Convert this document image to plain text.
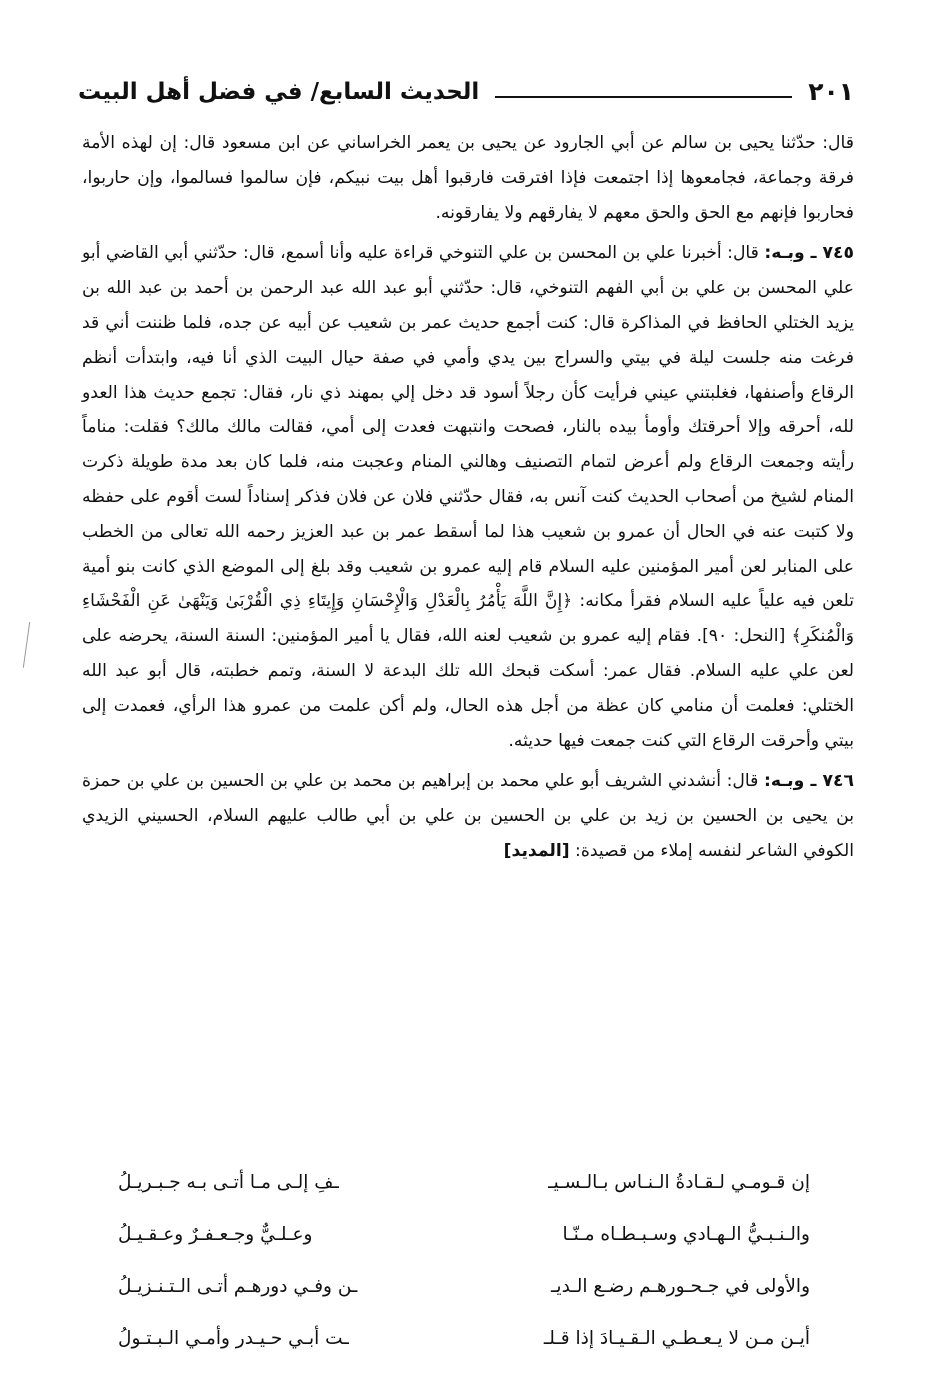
الحديث السابع/ في فضل أهل البيت	٢٠١

قال: حدّثنا يحيى بن سالم عن أبي الجارود عن يحيى بن يعمر الخراساني عن ابن مسعود قال: إن لهذه الأمة فرقة وجماعة، فجامعوها إذا اجتمعت فإذا افترقت فارقبوا أهل بيت نبيكم، فإن سالموا فسالموا، وإن حاربوا، فحاربوا فإنهم مع الحق والحق معهم لا يفارقهم ولا يفارقونه.

٧٤٥ ـ وبـه: قال: أخبرنا علي بن المحسن بن علي التنوخي قراءة عليه وأنا أسمع، قال: حدّثني أبي القاضي أبو علي المحسن بن علي بن أبي الفهم التنوخي، قال: حدّثني أبو عبد الله عبد الرحمن بن أحمد بن عبد الله بن يزيد الختلي الحافظ في المذاكرة قال: كنت أجمع حديث عمر بن شعيب عن أبيه عن جده، فلما ظننت أني قد فرغت منه جلست ليلة في بيتي والسراج بين يدي وأمي في صفة حيال البيت الذي أنا فيه، وابتدأت أنظم الرقاع وأصنفها، فغلبتني عيني فرأيت كأن رجلاً أسود قد دخل إلي بمهند ذي نار، فقال: تجمع حديث هذا العدو لله، أحرقه وإلا أحرقتك وأومأ بيده بالنار، فصحت وانتبهت فعدت إلى أمي، فقالت مالك مالك؟ فقلت: مناماً رأيته وجمعت الرقاع ولم أعرض لتمام التصنيف وهالني المنام وعجبت منه، فلما كان بعد مدة طويلة ذكرت المنام لشيخ من أصحاب الحديث كنت آنس به، فقال حدّثني فلان عن فلان فذكر إسناداً لست أقوم على حفظه ولا كتبت عنه في الحال أن عمرو بن شعيب هذا لما أسقط عمر بن عبد العزيز رحمه الله تعالى من الخطب على المنابر لعن أمير المؤمنين عليه السلام قام إليه عمرو بن شعيب وقد بلغ إلى الموضع الذي كانت بنو أمية تلعن فيه علياً عليه السلام فقرأ مكانه: ﴿إِنَّ اللَّهَ يَأْمُرُ بِالْعَدْلِ وَالْإِحْسَانِ وَإِيتَاءِ ذِي الْقُرْبَىٰ وَيَنْهَىٰ عَنِ الْفَحْشَاءِ وَالْمُنكَرِ﴾ [النحل: ٩٠]. فقام إليه عمرو بن شعيب لعنه الله، فقال يا أمير المؤمنين: السنة السنة، يحرضه على لعن علي عليه السلام. فقال عمر: أسكت قبحك الله تلك البدعة لا السنة، وتمم خطبته، قال أبو عبد الله الختلي: فعلمت أن منامي كان عظة من أجل هذه الحال، ولم أكن علمت من عمرو هذا الرأي، فعمدت إلى بيتي وأحرقت الرقاع التي كنت جمعت فيها حديثه.

٧٤٦ ـ وبـه: قال: أنشدني الشريف أبو علي محمد بن إبراهيم بن محمد بن علي بن الحسين بن علي بن حمزة بن يحيى بن الحسين بن زيد بن علي بن الحسين بن علي بن أبي طالب عليهم السلام، الحسيني الزيدي الكوفي الشاعر لنفسه إملاء من قصيدة: [المديد]

إن قـومـي لـقـادةُ الـنـاس بـالـسـيـ
ـفِ إلـى مـا أتـى بـه جـبـريـلُ
والـنـبـيُّ الـهـادي وسـبـطـاه مـنّـا
وعـلـيٌّ وجـعـفـرٌ وعـقـيـلُ
والأولى في جـحـورهـم رضـع الـديـ
ـن وفـي دورهـم أتـى الـتـنـزيـلُ
أيـن مـن لا يـعـطـي الـقـيـادَ إذا قـلـ
ـت أبـي حـيـدر وأمـي الـبـتـولُ
